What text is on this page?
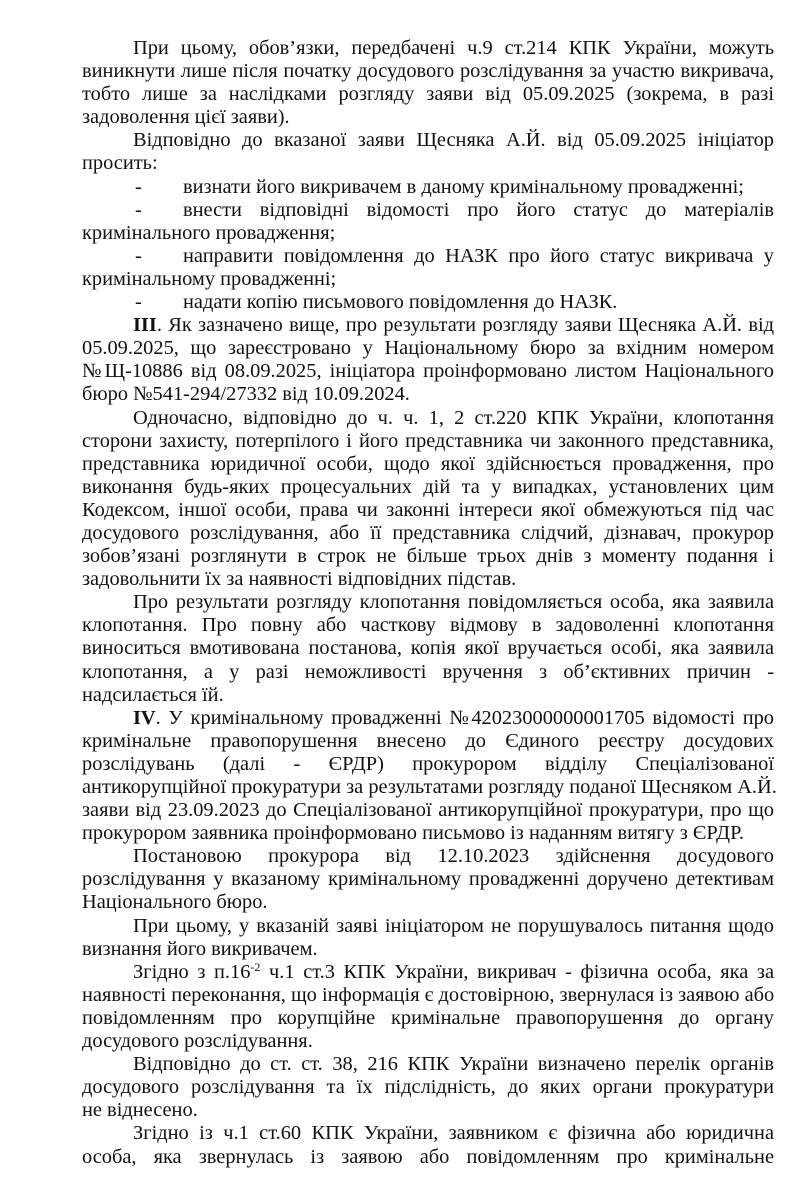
При цьому, обов’язки, передбачені ч.9 ст.214 КПК України, можуть
виникнути лише після початку досудового розслідування за участю викривача,
тобто лише за наслідками розгляду заяви від 05.09.2025 (зокрема, в разі
задоволення цієї заяви).
Відповідно до вказаної заяви Щесняка А.Й. від 05.09.2025 ініціатор
просить:
-	визнати його викривачем в даному кримінальному провадженні;
-	внести відповідні відомості про його статус до матеріалів
кримінального провадження;
-	направити повідомлення до НАЗК про його статус викривача у
кримінальному провадженні;
-	надати копію письмового повідомлення до НАЗК.
ІІІ. Як зазначено вище, про результати розгляду заяви Щесняка А.Й. від
05.09.2025, що зареєстровано у Національному бюро за вхідним номером
№Щ-10886 від 08.09.2025, ініціатора проінформовано листом Національного
бюро №541-294/27332 від 10.09.2024.
Одночасно, відповідно до ч. ч. 1, 2 ст.220 КПК України, клопотання
сторони захисту, потерпілого і його представника чи законного представника,
представника юридичної особи, щодо якої здійснюється провадження, про
виконання будь-яких процесуальних дій та у випадках, установлених цим
Кодексом, іншої особи, права чи законні інтереси якої обмежуються під час
досудового розслідування, або її представника слідчий, дізнавач, прокурор
зобов’язані розглянути в строк не більше трьох днів з моменту подання і
задовольнити їх за наявності відповідних підстав.
Про результати розгляду клопотання повідомляється особа, яка заявила
клопотання. Про повну або часткову відмову в задоволенні клопотання
виноситься вмотивована постанова, копія якої вручається особі, яка заявила
клопотання, а у разі неможливості вручення з об’єктивних причин -
надсилається їй.
IV. У кримінальному провадженні №42023000000001705 відомості про
кримінальне правопорушення внесено до Єдиного реєстру досудових
розслідувань (далі - ЄРДР) прокурором відділу Спеціалізованої
антикорупційної прокуратури за результатами розгляду поданої Щесняком А.Й.
заяви від 23.09.2023 до Спеціалізованої антикорупційної прокуратури, про що
прокурором заявника проінформовано письмово із наданням витягу з ЄРДР.
Постановою прокурора від 12.10.2023 здійснення досудового
розслідування у вказаному кримінальному провадженні доручено детективам
Національного бюро.
При цьому, у вказаній заяві ініціатором не порушувалось питання щодо
визнання його викривачем.
Згідно з $п.16^{-2}$ ч.1 ст.3 КПК України, викривач - фізична особа, яка за
наявності переконання, що інформація є достовірною, звернулася із заявою або
повідомленням про корупційне кримінальне правопорушення до органу
досудового розслідування.
Відповідно до ст. ст. 38, 216 КПК України визначено перелік органів
досудового розслідування та їх підслідність, до яких органи прокуратури
не віднесено.
Згідно із ч.1 ст.60 КПК України, заявником є фізична або юридична
особа, яка звернулась із заявою або повідомленням про кримінальне
